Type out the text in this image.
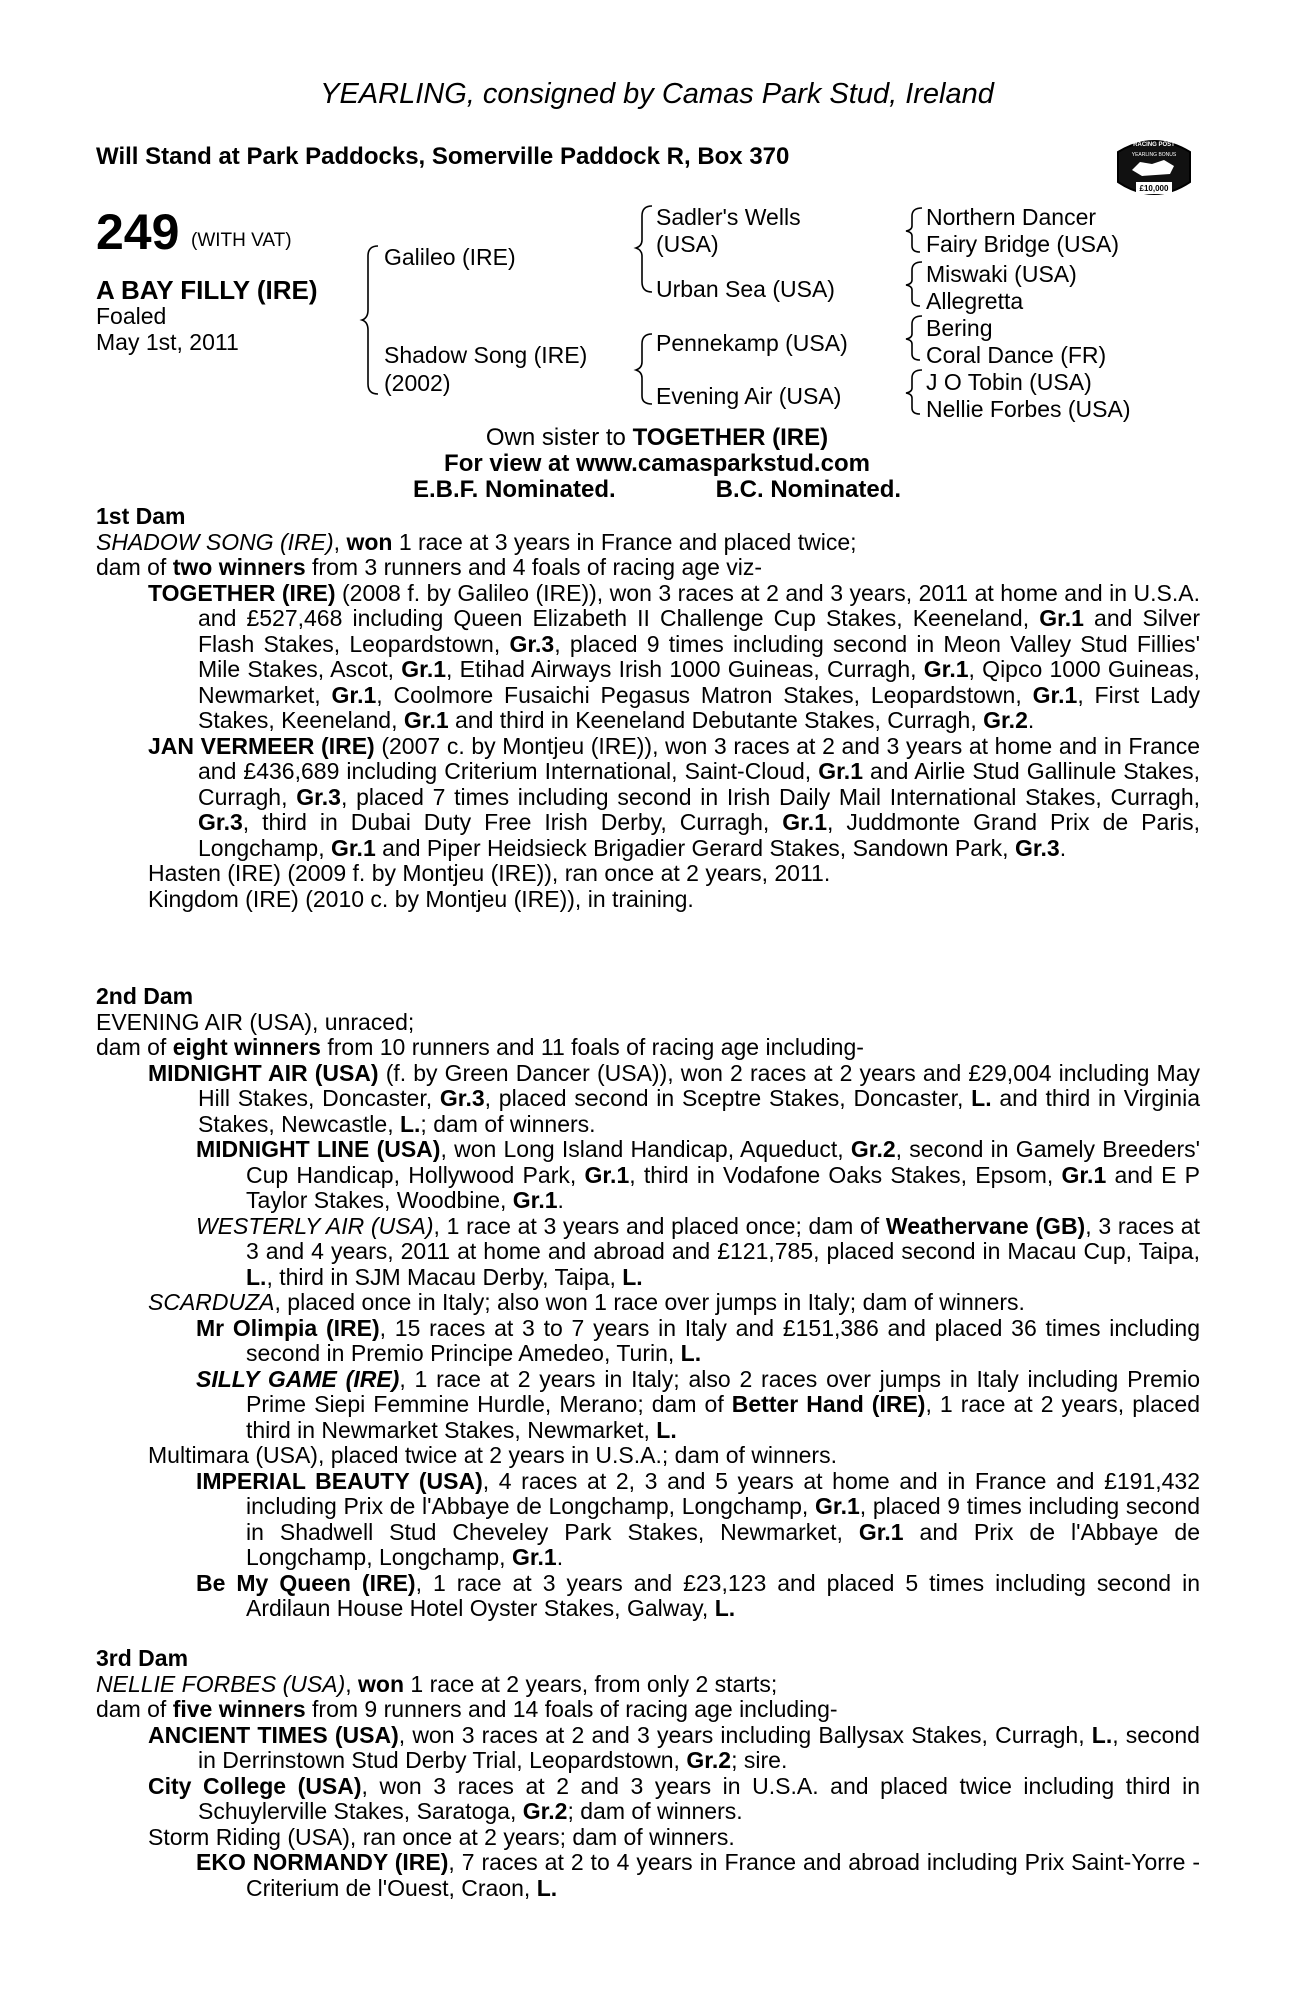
YEARLING, consigned by Camas Park Stud, Ireland
Will Stand at Park Paddocks, Somerville Paddock R, Box 370	RACING POST
YEARLING BONUS
£10,000
249 (WITH VAT)
A BAY FILLY (IRE)
Foaled
May 1st, 2011
Galileo (IRE)
Shadow Song (IRE)
(2002)
Sadler's Wells
(USA)
Urban Sea (USA)
Pennekamp (USA)
Evening Air (USA)
Northern Dancer
Fairy Bridge (USA)
Miswaki (USA)
Allegretta
Bering
Coral Dance (FR)
J O Tobin (USA)
Nellie Forbes (USA)
Own sister to TOGETHER (IRE)
For view at www.camasparkstud.com
E.B.F. Nominated.	B.C. Nominated.
1st Dam

SHADOW SONG (IRE), won 1 race at 3 years in France and placed twice;

dam of two winners from 3 runners and 4 foals of racing age viz-

TOGETHER (IRE) (2008 f. by Galileo (IRE)), won 3 races at 2 and 3 years, 2011 at home and in U.S.A. and £527,468 including Queen Elizabeth II Challenge Cup Stakes, Keeneland, Gr.1 and Silver Flash Stakes, Leopardstown, Gr.3, placed 9 times including second in Meon Valley Stud Fillies' Mile Stakes, Ascot, Gr.1, Etihad Airways Irish 1000 Guineas, Curragh, Gr.1, Qipco 1000 Guineas, Newmarket, Gr.1, Coolmore Fusaichi Pegasus Matron Stakes, Leopardstown, Gr.1, First Lady Stakes, Keeneland, Gr.1 and third in Keeneland Debutante Stakes, Curragh, Gr.2.

JAN VERMEER (IRE) (2007 c. by Montjeu (IRE)), won 3 races at 2 and 3 years at home and in France and £436,689 including Criterium International, Saint-Cloud, Gr.1 and Airlie Stud Gallinule Stakes, Curragh, Gr.3, placed 7 times including second in Irish Daily Mail International Stakes, Curragh, Gr.3, third in Dubai Duty Free Irish Derby, Curragh, Gr.1, Juddmonte Grand Prix de Paris, Longchamp, Gr.1 and Piper Heidsieck Brigadier Gerard Stakes, Sandown Park, Gr.3.

Hasten (IRE) (2009 f. by Montjeu (IRE)), ran once at 2 years, 2011.

Kingdom (IRE) (2010 c. by Montjeu (IRE)), in training.

2nd Dam

EVENING AIR (USA), unraced;

dam of eight winners from 10 runners and 11 foals of racing age including-

MIDNIGHT AIR (USA) (f. by Green Dancer (USA)), won 2 races at 2 years and £29,004 including May Hill Stakes, Doncaster, Gr.3, placed second in Sceptre Stakes, Doncaster, L. and third in Virginia Stakes, Newcastle, L.; dam of winners.

MIDNIGHT LINE (USA), won Long Island Handicap, Aqueduct, Gr.2, second in Gamely Breeders' Cup Handicap, Hollywood Park, Gr.1, third in Vodafone Oaks Stakes, Epsom, Gr.1 and E P Taylor Stakes, Woodbine, Gr.1.

WESTERLY AIR (USA), 1 race at 3 years and placed once; dam of Weathervane (GB), 3 races at 3 and 4 years, 2011 at home and abroad and £121,785, placed second in Macau Cup, Taipa, L., third in SJM Macau Derby, Taipa, L.

SCARDUZA, placed once in Italy; also won 1 race over jumps in Italy; dam of winners.

Mr Olimpia (IRE), 15 races at 3 to 7 years in Italy and £151,386 and placed 36 times including second in Premio Principe Amedeo, Turin, L.

SILLY GAME (IRE), 1 race at 2 years in Italy; also 2 races over jumps in Italy including Premio Prime Siepi Femmine Hurdle, Merano; dam of Better Hand (IRE), 1 race at 2 years, placed third in Newmarket Stakes, Newmarket, L.

Multimara (USA), placed twice at 2 years in U.S.A.; dam of winners.

IMPERIAL BEAUTY (USA), 4 races at 2, 3 and 5 years at home and in France and £191,432 including Prix de l'Abbaye de Longchamp, Longchamp, Gr.1, placed 9 times including second in Shadwell Stud Cheveley Park Stakes, Newmarket, Gr.1 and Prix de l'Abbaye de Longchamp, Longchamp, Gr.1.

Be My Queen (IRE), 1 race at 3 years and £23,123 and placed 5 times including second in Ardilaun House Hotel Oyster Stakes, Galway, L.

3rd Dam

NELLIE FORBES (USA), won 1 race at 2 years, from only 2 starts;

dam of five winners from 9 runners and 14 foals of racing age including-

ANCIENT TIMES (USA), won 3 races at 2 and 3 years including Ballysax Stakes, Curragh, L., second in Derrinstown Stud Derby Trial, Leopardstown, Gr.2; sire.

City College (USA), won 3 races at 2 and 3 years in U.S.A. and placed twice including third in Schuylerville Stakes, Saratoga, Gr.2; dam of winners.

Storm Riding (USA), ran once at 2 years; dam of winners.

EKO NORMANDY (IRE), 7 races at 2 to 4 years in France and abroad including Prix Saint-Yorre - Criterium de l'Ouest, Craon, L.
